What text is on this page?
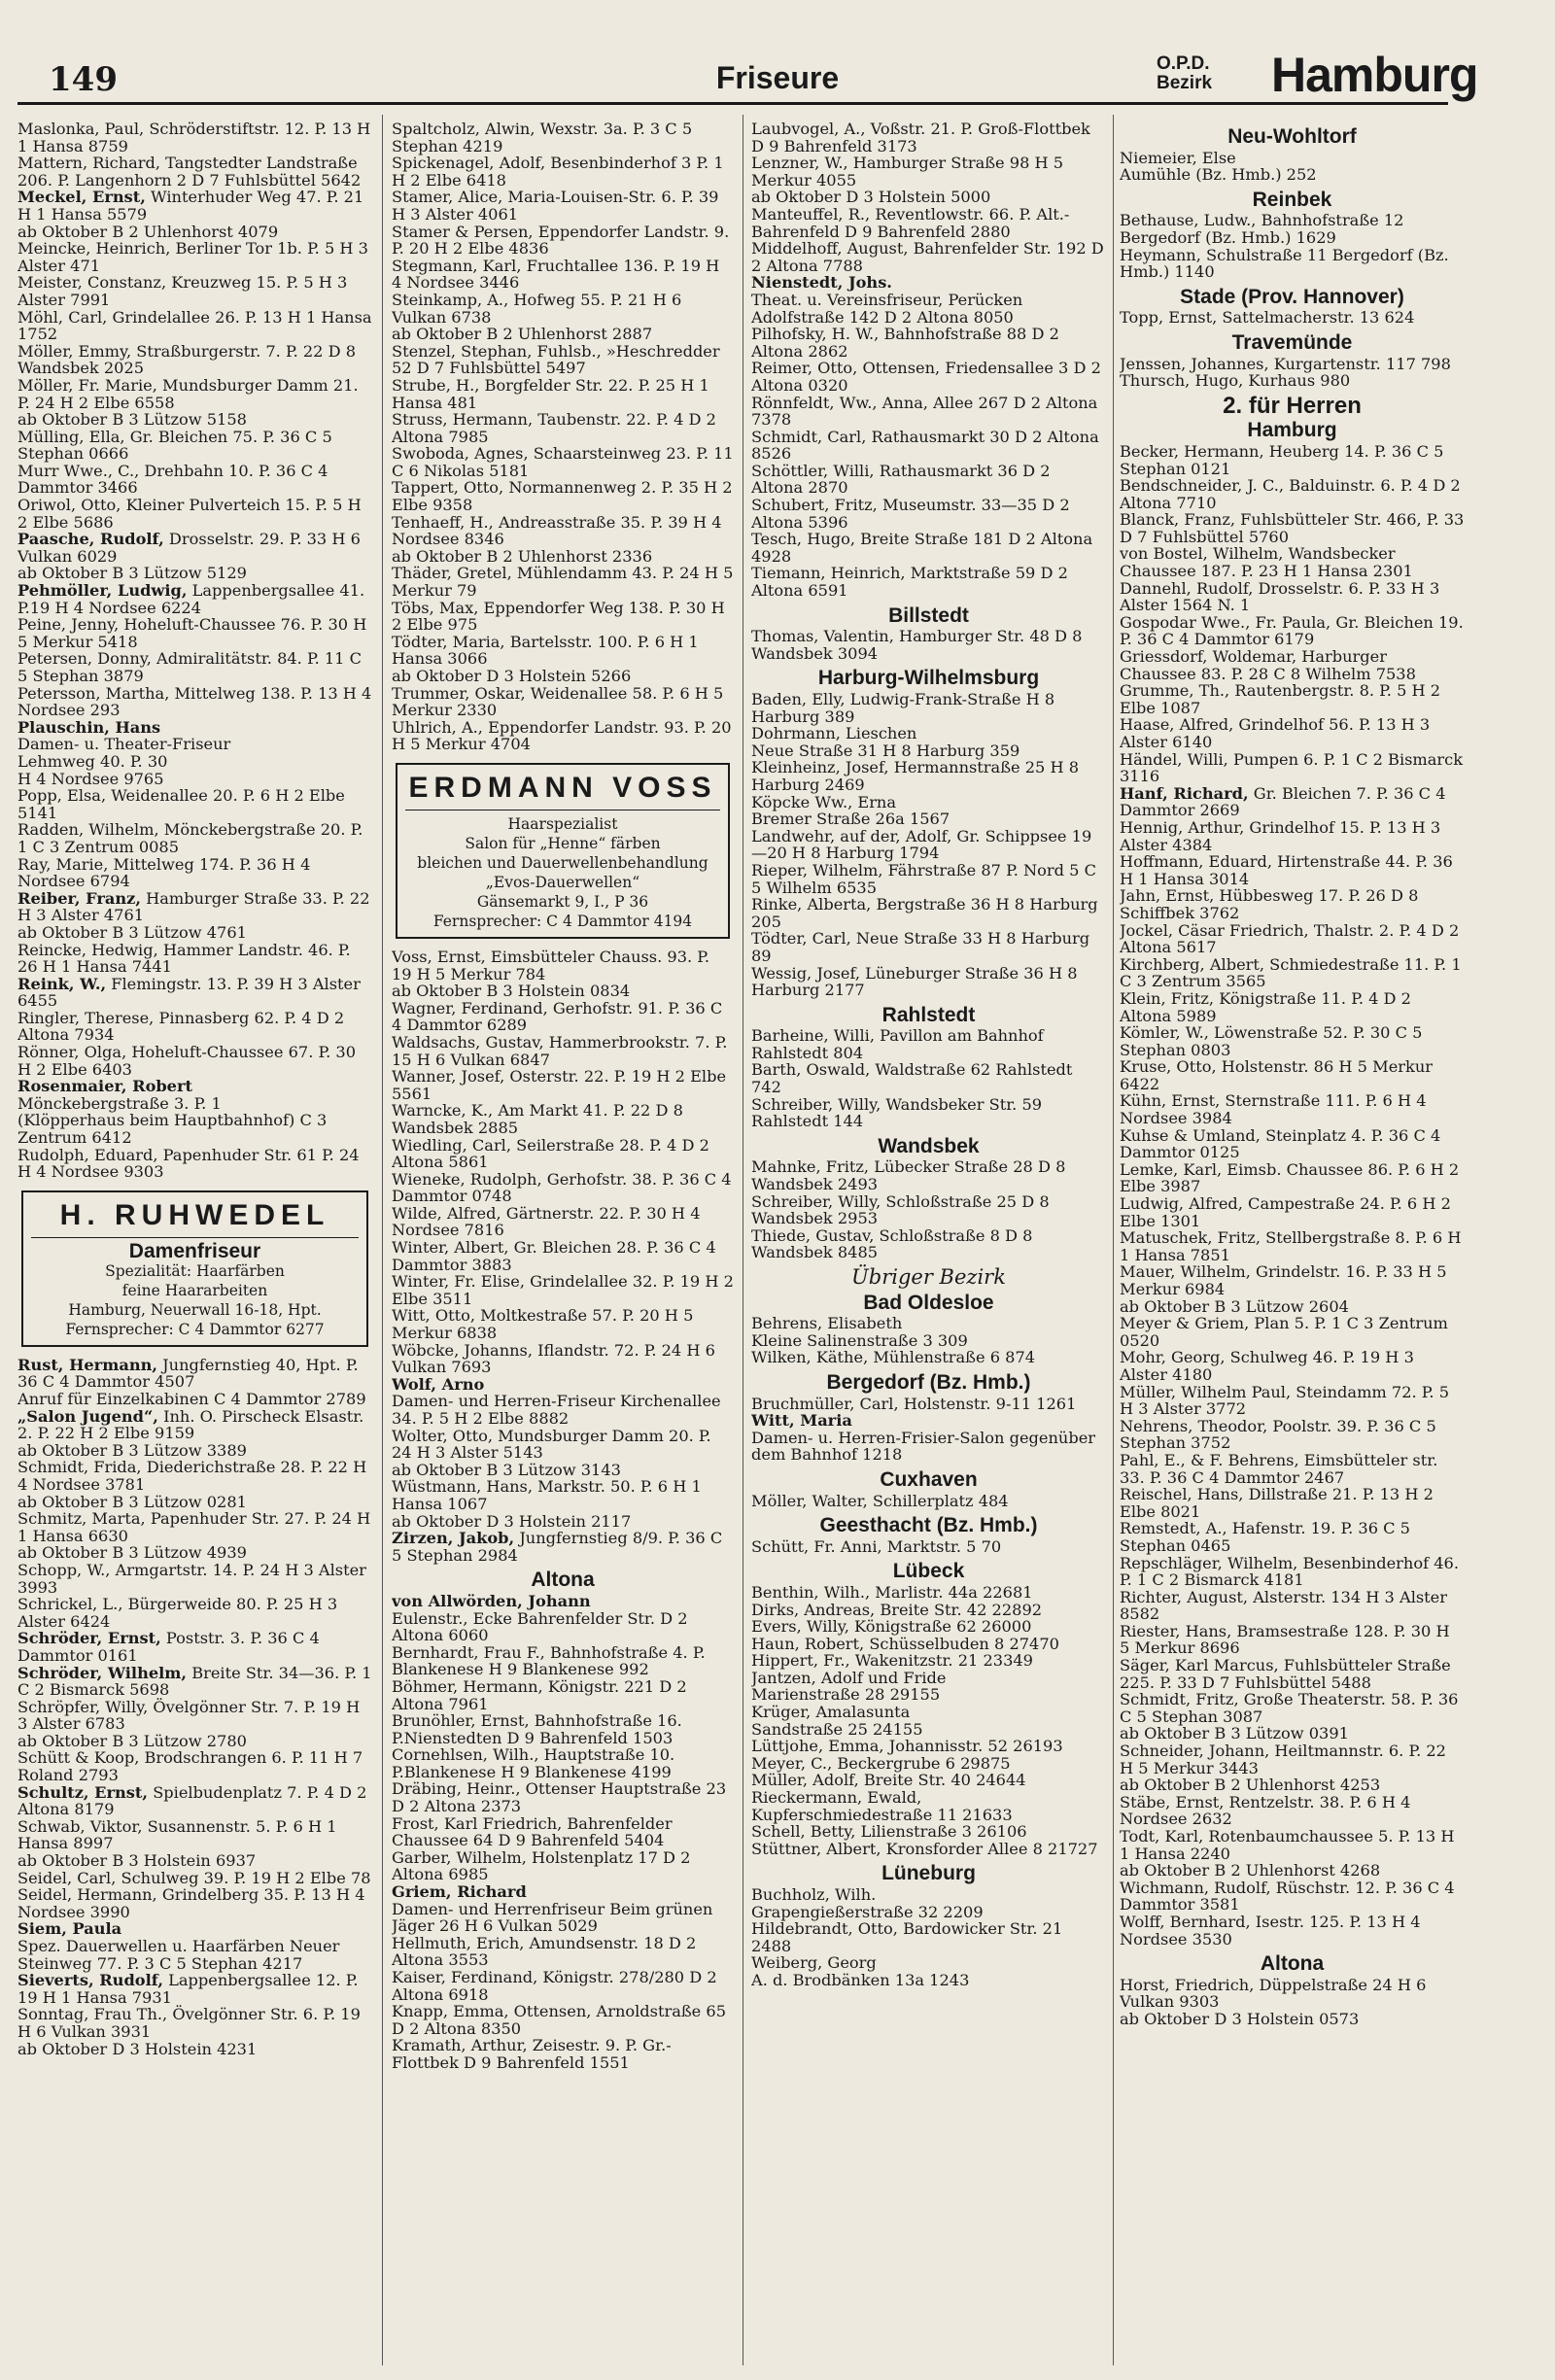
149	Friseure	O.P.D.
Bezirk Hamburg

Maslonka, Paul, Schröderstiftstr. 12. P. 13 H 1 Hansa 8759

Mattern, Richard, Tangstedter Landstraße 206. P. Langenhorn 2 D 7 Fuhlsbüttel 5642

Meckel, Ernst, Winterhuder Weg 47. P. 21 H 1 Hansa 5579

ab Oktober B 2 Uhlenhorst 4079

Meincke, Heinrich, Berliner Tor 1b. P. 5 H 3 Alster 471

Meister, Constanz, Kreuzweg 15. P. 5 H 3 Alster 7991

Möhl, Carl, Grindelallee 26. P. 13 H 1 Hansa 1752

Möller, Emmy, Straßburgerstr. 7. P. 22 D 8 Wandsbek 2025

Möller, Fr. Marie, Mundsburger Damm 21. P. 24 H 2 Elbe 6558

ab Oktober B 3 Lützow 5158

Mülling, Ella, Gr. Bleichen 75. P. 36 C 5 Stephan 0666

Murr Wwe., C., Drehbahn 10. P. 36 C 4 Dammtor 3466

Oriwol, Otto, Kleiner Pulverteich 15. P. 5 H 2 Elbe 5686

Paasche, Rudolf, Drosselstr. 29. P. 33 H 6 Vulkan 6029

ab Oktober B 3 Lützow 5129

Pehmöller, Ludwig, Lappenbergsallee 41. P.19 H 4 Nordsee 6224

Peine, Jenny, Hoheluft-Chaussee 76. P. 30 H 5 Merkur 5418

Petersen, Donny, Admiralitätstr. 84. P. 11 C 5 Stephan 3879

Petersson, Martha, Mittelweg 138. P. 13 H 4 Nordsee 293

Plauschin, Hans

Damen- u. Theater-Friseur

Lehmweg 40. P. 30

H 4 Nordsee 9765

Popp, Elsa, Weidenallee 20. P. 6 H 2 Elbe 5141

Radden, Wilhelm, Mönckebergstraße 20. P. 1 C 3 Zentrum 0085

Ray, Marie, Mittelweg 174. P. 36 H 4 Nordsee 6794

Reiber, Franz, Hamburger Straße 33. P. 22 H 3 Alster 4761

ab Oktober B 3 Lützow 4761

Reincke, Hedwig, Hammer Landstr. 46. P. 26 H 1 Hansa 7441

Reink, W., Flemingstr. 13. P. 39 H 3 Alster 6455

Ringler, Therese, Pinnasberg 62. P. 4 D 2 Altona 7934

Rönner, Olga, Hoheluft-Chaussee 67. P. 30 H 2 Elbe 6403

Rosenmaier, Robert

Mönckebergstraße 3. P. 1

(Klöpperhaus beim Hauptbahnhof) C 3 Zentrum 6412

Rudolph, Eduard, Papenhuder Str. 61 P. 24 H 4 Nordsee 9303

H. RUHWEDEL
Damenfriseur
Spezialität: Haarfärben
feine Haararbeiten
Hamburg, Neuerwall 16-18, Hpt.
Fernsprecher: C 4 Dammtor 6277

Rust, Hermann, Jungfernstieg 40, Hpt. P. 36 C 4 Dammtor 4507

Anruf für Einzelkabinen C 4 Dammtor 2789

„Salon Jugend“, Inh. O. Pirscheck Elsastr. 2. P. 22 H 2 Elbe 9159

ab Oktober B 3 Lützow 3389

Schmidt, Frida, Diederichstraße 28. P. 22 H 4 Nordsee 3781

ab Oktober B 3 Lützow 0281

Schmitz, Marta, Papenhuder Str. 27. P. 24 H 1 Hansa 6630

ab Oktober B 3 Lützow 4939

Schopp, W., Armgartstr. 14. P. 24 H 3 Alster 3993

Schrickel, L., Bürgerweide 80. P. 25 H 3 Alster 6424

Schröder, Ernst, Poststr. 3. P. 36 C 4 Dammtor 0161

Schröder, Wilhelm, Breite Str. 34—36. P. 1 C 2 Bismarck 5698

Schröpfer, Willy, Övelgönner Str. 7. P. 19 H 3 Alster 6783

ab Oktober B 3 Lützow 2780

Schütt & Koop, Brodschrangen 6. P. 11 H 7 Roland 2793

Schultz, Ernst, Spielbudenplatz 7. P. 4 D 2 Altona 8179

Schwab, Viktor, Susannenstr. 5. P. 6 H 1 Hansa 8997

ab Oktober B 3 Holstein 6937

Seidel, Carl, Schulweg 39. P. 19 H 2 Elbe 78

Seidel, Hermann, Grindelberg 35. P. 13 H 4 Nordsee 3990

Siem, Paula

Spez. Dauerwellen u. Haarfärben Neuer Steinweg 77. P. 3 C 5 Stephan 4217

Sieverts, Rudolf, Lappenbergsallee 12. P. 19 H 1 Hansa 7931

Sonntag, Frau Th., Övelgönner Str. 6. P. 19 H 6 Vulkan 3931

ab Oktober D 3 Holstein 4231

Spaltcholz, Alwin, Wexstr. 3a. P. 3 C 5 Stephan 4219

Spickenagel, Adolf, Besenbinderhof 3 P. 1 H 2 Elbe 6418

Stamer, Alice, Maria-Louisen-Str. 6. P. 39 H 3 Alster 4061

Stamer & Persen, Eppendorfer Landstr. 9. P. 20 H 2 Elbe 4836

Stegmann, Karl, Fruchtallee 136. P. 19 H 4 Nordsee 3446

Steinkamp, A., Hofweg 55. P. 21 H 6 Vulkan 6738

ab Oktober B 2 Uhlenhorst 2887

Stenzel, Stephan, Fuhlsb., »Heschredder 52 D 7 Fuhlsbüttel 5497

Strube, H., Borgfelder Str. 22. P. 25 H 1 Hansa 481

Struss, Hermann, Taubenstr. 22. P. 4 D 2 Altona 7985

Swoboda, Agnes, Schaarsteinweg 23. P. 11 C 6 Nikolas 5181

Tappert, Otto, Normannenweg 2. P. 35 H 2 Elbe 9358

Tenhaeff, H., Andreasstraße 35. P. 39 H 4 Nordsee 8346

ab Oktober B 2 Uhlenhorst 2336

Thäder, Gretel, Mühlendamm 43. P. 24 H 5 Merkur 79

Töbs, Max, Eppendorfer Weg 138. P. 30 H 2 Elbe 975

Tödter, Maria, Bartelsstr. 100. P. 6 H 1 Hansa 3066

ab Oktober D 3 Holstein 5266

Trummer, Oskar, Weidenallee 58. P. 6 H 5 Merkur 2330

Uhlrich, A., Eppendorfer Landstr. 93. P. 20 H 5 Merkur 4704

ERDMANN VOSS
Haarspezialist
Salon für „Henne“ färben
bleichen und Dauerwellenbehandlung
„Evos-Dauerwellen“
Gänsemarkt 9, I., P 36
Fernsprecher: C 4 Dammtor 4194

Voss, Ernst, Eimsbütteler Chauss. 93. P. 19 H 5 Merkur 784

ab Oktober B 3 Holstein 0834

Wagner, Ferdinand, Gerhofstr. 91. P. 36 C 4 Dammtor 6289

Waldsachs, Gustav, Hammerbrookstr. 7. P. 15 H 6 Vulkan 6847

Wanner, Josef, Osterstr. 22. P. 19 H 2 Elbe 5561

Warncke, K., Am Markt 41. P. 22 D 8 Wandsbek 2885

Wiedling, Carl, Seilerstraße 28. P. 4 D 2 Altona 5861

Wieneke, Rudolph, Gerhofstr. 38. P. 36 C 4 Dammtor 0748

Wilde, Alfred, Gärtnerstr. 22. P. 30 H 4 Nordsee 7816

Winter, Albert, Gr. Bleichen 28. P. 36 C 4 Dammtor 3883

Winter, Fr. Elise, Grindelallee 32. P. 19 H 2 Elbe 3511

Witt, Otto, Moltkestraße 57. P. 20 H 5 Merkur 6838

Wöbcke, Johanns, Iflandstr. 72. P. 24 H 6 Vulkan 7693

Wolf, Arno

Damen- und Herren-Friseur Kirchenallee 34. P. 5 H 2 Elbe 8882

Wolter, Otto, Mundsburger Damm 20. P. 24 H 3 Alster 5143

ab Oktober B 3 Lützow 3143

Wüstmann, Hans, Markstr. 50. P. 6 H 1 Hansa 1067

ab Oktober D 3 Holstein 2117

Zirzen, Jakob, Jungfernstieg 8/9. P. 36 C 5 Stephan 2984

Altona

von Allwörden, Johann

Eulenstr., Ecke Bahrenfelder Str. D 2 Altona 6060

Bernhardt, Frau F., Bahnhofstraße 4. P. Blankenese H 9 Blankenese 992

Böhmer, Hermann, Königstr. 221 D 2 Altona 7961

Brunöhler, Ernst, Bahnhofstraße 16. P.Nienstedten D 9 Bahrenfeld 1503

Cornehlsen, Wilh., Hauptstraße 10. P.Blankenese H 9 Blankenese 4199

Dräbing, Heinr., Ottenser Hauptstraße 23 D 2 Altona 2373

Frost, Karl Friedrich, Bahrenfelder Chaussee 64 D 9 Bahrenfeld 5404

Garber, Wilhelm, Holstenplatz 17 D 2 Altona 6985

Griem, Richard

Damen- und Herrenfriseur Beim grünen Jäger 26 H 6 Vulkan 5029

Hellmuth, Erich, Amundsenstr. 18 D 2 Altona 3553

Kaiser, Ferdinand, Königstr. 278/280 D 2 Altona 6918

Knapp, Emma, Ottensen, Arnoldstraße 65 D 2 Altona 8350

Kramath, Arthur, Zeisestr. 9. P. Gr.-Flottbek D 9 Bahrenfeld 1551

Laubvogel, A., Voßstr. 21. P. Groß-Flottbek D 9 Bahrenfeld 3173

Lenzner, W., Hamburger Straße 98 H 5 Merkur 4055

ab Oktober D 3 Holstein 5000

Manteuffel, R., Reventlowstr. 66. P. Alt.-Bahrenfeld D 9 Bahrenfeld 2880

Middelhoff, August, Bahrenfelder Str. 192 D 2 Altona 7788

Nienstedt, Johs.

Theat. u. Vereinsfriseur, Perücken Adolfstraße 142 D 2 Altona 8050

Pilhofsky, H. W., Bahnhofstraße 88 D 2 Altona 2862

Reimer, Otto, Ottensen, Friedensallee 3 D 2 Altona 0320

Rönnfeldt, Ww., Anna, Allee 267 D 2 Altona 7378

Schmidt, Carl, Rathausmarkt 30 D 2 Altona 8526

Schöttler, Willi, Rathausmarkt 36 D 2 Altona 2870

Schubert, Fritz, Museumstr. 33—35 D 2 Altona 5396

Tesch, Hugo, Breite Straße 181 D 2 Altona 4928

Tiemann, Heinrich, Marktstraße 59 D 2 Altona 6591

Billstedt

Thomas, Valentin, Hamburger Str. 48 D 8 Wandsbek 3094

Harburg-Wilhelmsburg

Baden, Elly, Ludwig-Frank-Straße H 8 Harburg 389

Dohrmann, Lieschen

Neue Straße 31 H 8 Harburg 359

Kleinheinz, Josef, Hermannstraße 25 H 8 Harburg 2469

Köpcke Ww., Erna

Bremer Straße 26a 1567

Landwehr, auf der, Adolf, Gr. Schippsee 19—20 H 8 Harburg 1794

Rieper, Wilhelm, Fährstraße 87 P. Nord 5 C 5 Wilhelm 6535

Rinke, Alberta, Bergstraße 36 H 8 Harburg 205

Tödter, Carl, Neue Straße 33 H 8 Harburg 89

Wessig, Josef, Lüneburger Straße 36 H 8 Harburg 2177

Rahlstedt

Barheine, Willi, Pavillon am Bahnhof Rahlstedt 804

Barth, Oswald, Waldstraße 62 Rahlstedt 742

Schreiber, Willy, Wandsbeker Str. 59 Rahlstedt 144

Wandsbek

Mahnke, Fritz, Lübecker Straße 28 D 8 Wandsbek 2493

Schreiber, Willy, Schloßstraße 25 D 8 Wandsbek 2953

Thiede, Gustav, Schloßstraße 8 D 8 Wandsbek 8485

Übriger Bezirk
Bad Oldesloe

Behrens, Elisabeth

Kleine Salinenstraße 3 309

Wilken, Käthe, Mühlenstraße 6 874

Bergedorf (Bz. Hmb.)

Bruchmüller, Carl, Holstenstr. 9-11 1261

Witt, Maria

Damen- u. Herren-Frisier-Salon gegenüber dem Bahnhof 1218

Cuxhaven

Möller, Walter, Schillerplatz 484

Geesthacht (Bz. Hmb.)

Schütt, Fr. Anni, Marktstr. 5 70

Lübeck

Benthin, Wilh., Marlistr. 44a 22681

Dirks, Andreas, Breite Str. 42 22892

Evers, Willy, Königstraße 62 26000

Haun, Robert, Schüsselbuden 8 27470

Hippert, Fr., Wakenitzstr. 21 23349

Jantzen, Adolf und Fride

Marienstraße 28 29155

Krüger, Amalasunta

Sandstraße 25 24155

Lüttjohe, Emma, Johannisstr. 52 26193

Meyer, C., Beckergrube 6 29875

Müller, Adolf, Breite Str. 40 24644

Rieckermann, Ewald, Kupferschmiedestraße 11 21633

Schell, Betty, Lilienstraße 3 26106

Stüttner, Albert, Kronsforder Allee 8 21727

Lüneburg

Buchholz, Wilh.

Grapengießerstraße 32 2209

Hildebrandt, Otto, Bardowicker Str. 21 2488

Weiberg, Georg

A. d. Brodbänken 13a 1243

Neu-Wohltorf

Niemeier, Else

Aumühle (Bz. Hmb.) 252

Reinbek

Bethause, Ludw., Bahnhofstraße 12 Bergedorf (Bz. Hmb.) 1629

Heymann, Schulstraße 11 Bergedorf (Bz. Hmb.) 1140

Stade (Prov. Hannover)

Topp, Ernst, Sattelmacherstr. 13 624

Travemünde

Jenssen, Johannes, Kurgartenstr. 117 798

Thursch, Hugo, Kurhaus 980

2. für Herren
Hamburg

Becker, Hermann, Heuberg 14. P. 36 C 5 Stephan 0121

Bendschneider, J. C., Balduinstr. 6. P. 4 D 2 Altona 7710

Blanck, Franz, Fuhlsbütteler Str. 466, P. 33 D 7 Fuhlsbüttel 5760

von Bostel, Wilhelm, Wandsbecker Chaussee 187. P. 23 H 1 Hansa 2301

Dannehl, Rudolf, Drosselstr. 6. P. 33 H 3 Alster 1564 N. 1

Gospodar Wwe., Fr. Paula, Gr. Bleichen 19. P. 36 C 4 Dammtor 6179

Griessdorf, Woldemar, Harburger Chaussee 83. P. 28 C 8 Wilhelm 7538

Grumme, Th., Rautenbergstr. 8. P. 5 H 2 Elbe 1087

Haase, Alfred, Grindelhof 56. P. 13 H 3 Alster 6140

Händel, Willi, Pumpen 6. P. 1 C 2 Bismarck 3116

Hanf, Richard, Gr. Bleichen 7. P. 36 C 4 Dammtor 2669

Hennig, Arthur, Grindelhof 15. P. 13 H 3 Alster 4384

Hoffmann, Eduard, Hirtenstraße 44. P. 36 H 1 Hansa 3014

Jahn, Ernst, Hübbesweg 17. P. 26 D 8 Schiffbek 3762

Jockel, Cäsar Friedrich, Thalstr. 2. P. 4 D 2 Altona 5617

Kirchberg, Albert, Schmiedestraße 11. P. 1 C 3 Zentrum 3565

Klein, Fritz, Königstraße 11. P. 4 D 2 Altona 5989

Kömler, W., Löwenstraße 52. P. 30 C 5 Stephan 0803

Kruse, Otto, Holstenstr. 86 H 5 Merkur 6422

Kühn, Ernst, Sternstraße 111. P. 6 H 4 Nordsee 3984

Kuhse & Umland, Steinplatz 4. P. 36 C 4 Dammtor 0125

Lemke, Karl, Eimsb. Chaussee 86. P. 6 H 2 Elbe 3987

Ludwig, Alfred, Campestraße 24. P. 6 H 2 Elbe 1301

Matuschek, Fritz, Stellbergstraße 8. P. 6 H 1 Hansa 7851

Mauer, Wilhelm, Grindelstr. 16. P. 33 H 5 Merkur 6984

ab Oktober B 3 Lützow 2604

Meyer & Griem, Plan 5. P. 1 C 3 Zentrum 0520

Mohr, Georg, Schulweg 46. P. 19 H 3 Alster 4180

Müller, Wilhelm Paul, Steindamm 72. P. 5 H 3 Alster 3772

Nehrens, Theodor, Poolstr. 39. P. 36 C 5 Stephan 3752

Pahl, E., & F. Behrens, Eimsbütteler str. 33. P. 36 C 4 Dammtor 2467

Reischel, Hans, Dillstraße 21. P. 13 H 2 Elbe 8021

Remstedt, A., Hafenstr. 19. P. 36 C 5 Stephan 0465

Repschläger, Wilhelm, Besenbinderhof 46. P. 1 C 2 Bismarck 4181

Richter, August, Alsterstr. 134 H 3 Alster 8582

Riester, Hans, Bramsestraße 128. P. 30 H 5 Merkur 8696

Säger, Karl Marcus, Fuhlsbütteler Straße 225. P. 33 D 7 Fuhlsbüttel 5488

Schmidt, Fritz, Große Theaterstr. 58. P. 36 C 5 Stephan 3087

ab Oktober B 3 Lützow 0391

Schneider, Johann, Heiltmannstr. 6. P. 22 H 5 Merkur 3443

ab Oktober B 2 Uhlenhorst 4253

Stäbe, Ernst, Rentzelstr. 38. P. 6 H 4 Nordsee 2632

Todt, Karl, Rotenbaumchaussee 5. P. 13 H 1 Hansa 2240

ab Oktober B 2 Uhlenhorst 4268

Wichmann, Rudolf, Rüschstr. 12. P. 36 C 4 Dammtor 3581

Wolff, Bernhard, Isestr. 125. P. 13 H 4 Nordsee 3530

Altona

Horst, Friedrich, Düppelstraße 24 H 6 Vulkan 9303

ab Oktober D 3 Holstein 0573
